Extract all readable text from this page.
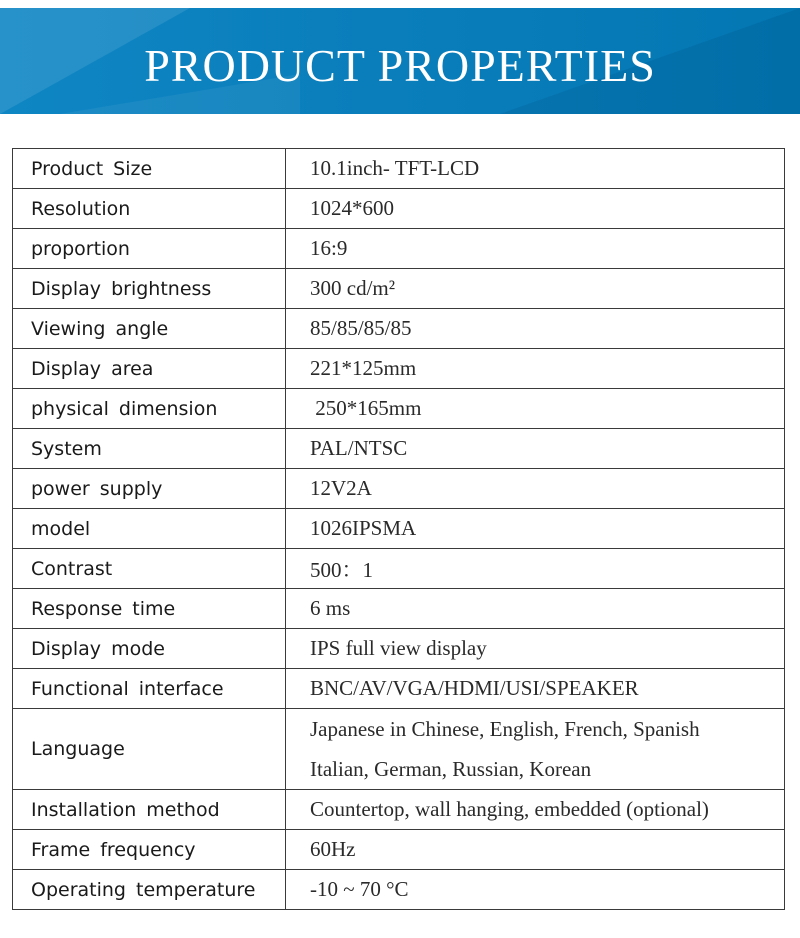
PRODUCT PROPERTIES
Product Size	10.1inch- TFT-LCD
Resolution	1024*600
proportion	16:9
Display brightness	300 cd/m²
Viewing angle	85/85/85/85
Display area	221*125mm
physical dimension	250*165mm
System	PAL/NTSC
power supply	12V2A
model	1026IPSMA
Contrast	500：1
Response time	6 ms
Display mode	IPS full view display
Functional interface	BNC/AV/VGA/HDMI/USI/SPEAKER
Language	Japanese in Chinese, English, French, Spanish
Italian, German, Russian, Korean

Installation method	Countertop, wall hanging, embedded (optional)
Frame frequency	60Hz
Operating temperature	-10 ~ 70 °C
